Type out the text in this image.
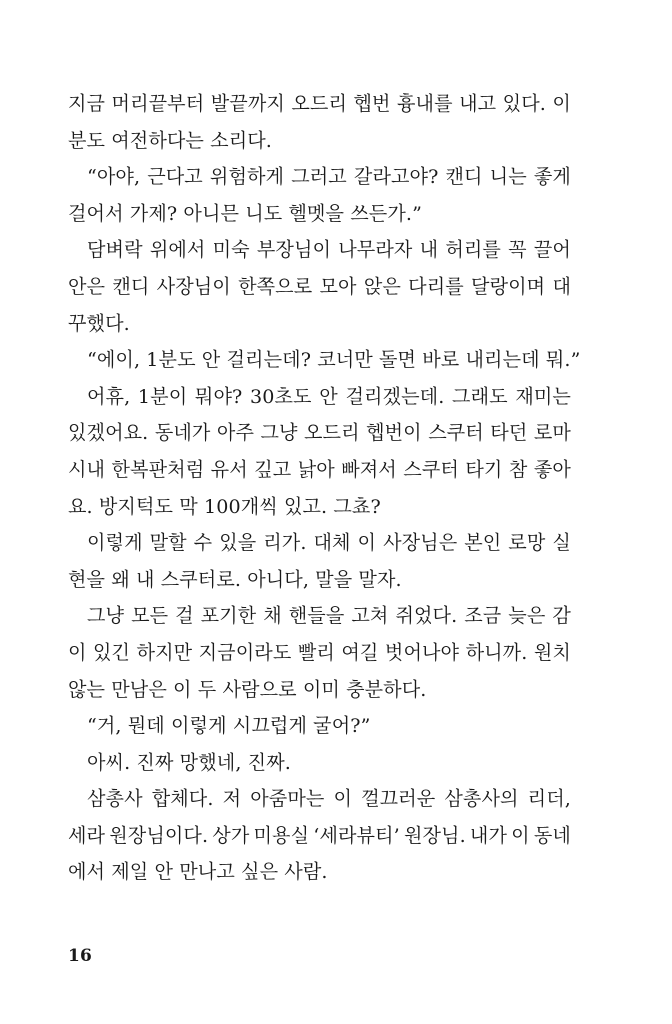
지금 머리끝부터 발끝까지 오드리 헵번 흉내를 내고 있다. 이
분도 여전하다는 소리다.
“아야, 근다고 위험하게 그러고 갈라고야? 캔디 니는 좋게
걸어서 가제? 아니믄 니도 헬멧을 쓰든가.”
담벼락 위에서 미숙 부장님이 나무라자 내 허리를 꼭 끌어
안은 캔디 사장님이 한쪽으로 모아 앉은 다리를 달랑이며 대
꾸했다.
“에이, 1분도 안 걸리는데? 코너만 돌면 바로 내리는데 뭐.”
어휴, 1분이 뭐야? 30초도 안 걸리겠는데. 그래도 재미는
있겠어요. 동네가 아주 그냥 오드리 헵번이 스쿠터 타던 로마
시내 한복판처럼 유서 깊고 낡아 빠져서 스쿠터 타기 참 좋아
요. 방지턱도 막 100개씩 있고. 그쵸?
이렇게 말할 수 있을 리가. 대체 이 사장님은 본인 로망 실
현을 왜 내 스쿠터로. 아니다, 말을 말자.
그냥 모든 걸 포기한 채 핸들을 고쳐 쥐었다. 조금 늦은 감
이 있긴 하지만 지금이라도 빨리 여길 벗어나야 하니까. 원치
않는 만남은 이 두 사람으로 이미 충분하다.
“거, 뭔데 이렇게 시끄럽게 굴어?”
아씨. 진짜 망했네, 진짜.
삼총사 합체다. 저 아줌마는 이 껄끄러운 삼총사의 리더,
세라 원장님이다. 상가 미용실 ‘세라뷰티’ 원장님. 내가 이 동네
에서 제일 안 만나고 싶은 사람.
16
